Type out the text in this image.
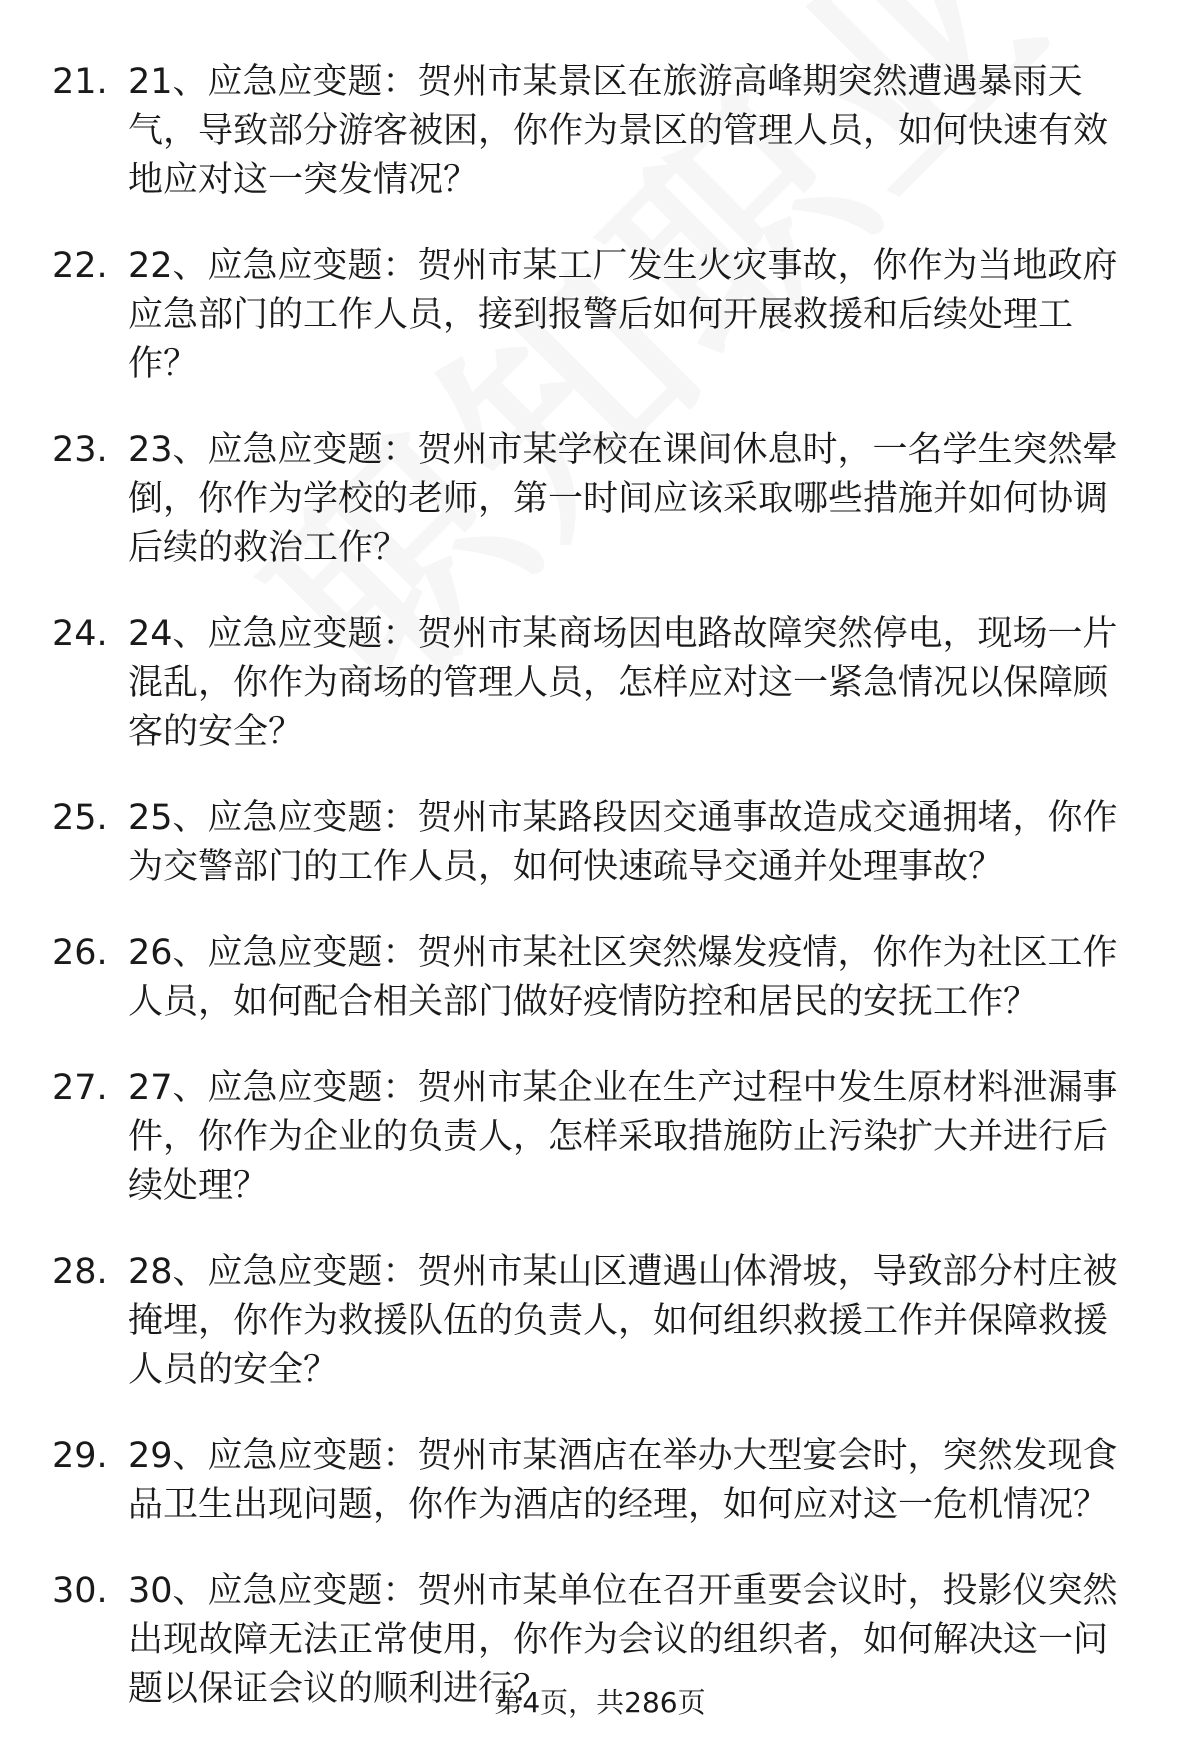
21. 21、应急应变题：贺州市某景区在旅游高峰期突然遭遇暴雨天气，导致部分游客被困，你作为景区的管理人员，如何快速有效地应对这一突发情况？
22. 22、应急应变题：贺州市某工厂发生火灾事故，你作为当地政府应急部门的工作人员，接到报警后如何开展救援和后续处理工作？
23. 23、应急应变题：贺州市某学校在课间休息时，一名学生突然晕倒，你作为学校的老师，第一时间应该采取哪些措施并如何协调后续的救治工作？
24. 24、应急应变题：贺州市某商场因电路故障突然停电，现场一片混乱，你作为商场的管理人员，怎样应对这一紧急情况以保障顾客的安全？
25. 25、应急应变题：贺州市某路段因交通事故造成交通拥堵，你作为交警部门的工作人员，如何快速疏导交通并处理事故？
26. 26、应急应变题：贺州市某社区突然爆发疫情，你作为社区工作人员，如何配合相关部门做好疫情防控和居民的安抚工作？
27. 27、应急应变题：贺州市某企业在生产过程中发生原材料泄漏事件，你作为企业的负责人，怎样采取措施防止污染扩大并进行后续处理？
28. 28、应急应变题：贺州市某山区遭遇山体滑坡，导致部分村庄被掩埋，你作为救援队伍的负责人，如何组织救援工作并保障救援人员的安全？
29. 29、应急应变题：贺州市某酒店在举办大型宴会时，突然发现食品卫生出现问题，你作为酒店的经理，如何应对这一危机情况？
30. 30、应急应变题：贺州市某单位在召开重要会议时，投影仪突然出现故障无法正常使用，你作为会议的组织者，如何解决这一问题以保证会议的顺利进行？
第4页，共286页
